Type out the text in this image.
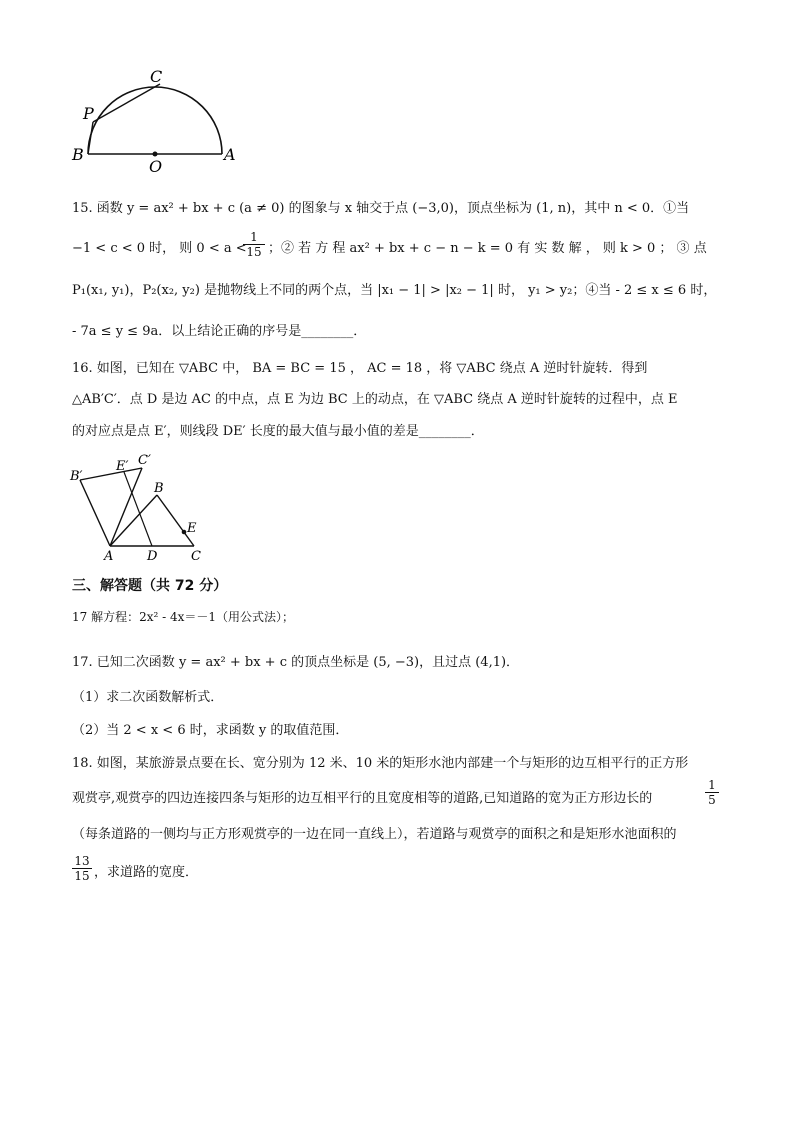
C
P
B
O
A
15. 函数 y = ax² + bx + c (a ≠ 0) 的图象与 x 轴交于点 (−3,0)，顶点坐标为 (1, n)，其中 n < 0．①当
−1 < c < 0 时， 则 0 < a <
$\frac{1}{15}$ ；② 若 方 程 ax² + bx + c − n − k = 0 有 实 数 解 ， 则 k > 0 ； ③ 点
P₁(x₁, y₁)，P₂(x₂, y₂) 是抛物线上不同的两个点，当 |x₁ − 1| > |x₂ − 1| 时， y₁ > y₂；④当 - 2 ≤ x ≤ 6 时，
- 7a ≤ y ≤ 9a．以上结论正确的序号是________．
16. 如图，已知在 ▽ABC 中， BA = BC = 15 ， AC = 18 ，将 ▽ABC 绕点 A 逆时针旋转．得到
△AB′C′．点 D 是边 AC 的中点，点 E 为边 BC 上的动点，在 ▽ABC 绕点 A 逆时针旋转的过程中，点 E
的对应点是点 E′，则线段 DE′ 长度的最大值与最小值的差是________．
B′
E′ C′
B
E
A	D	C
三、解答题（共 72 分）
17 解方程：2x² - 4x＝－1（用公式法）；
17. 已知二次函数 y = ax² + bx + c 的顶点坐标是 (5, −3)，且过点 (4,1)．
（1）求二次函数解析式．
（2）当 2 < x < 6 时，求函数 y 的取值范围．
18. 如图，某旅游景点要在长、宽分别为 12 米、10 米的矩形水池内部建一个与矩形的边互相平行的正方形
观赏亭,观赏亭的四边连接四条与矩形的边互相平行的且宽度相等的道路,已知道路的宽为正方形边长的	$\frac{1}{5}$
（每条道路的一侧均与正方形观赏亭的一边在同一直线上），若道路与观赏亭的面积之和是矩形水池面积的
$\frac{13}{15}$ ，求道路的宽度．
